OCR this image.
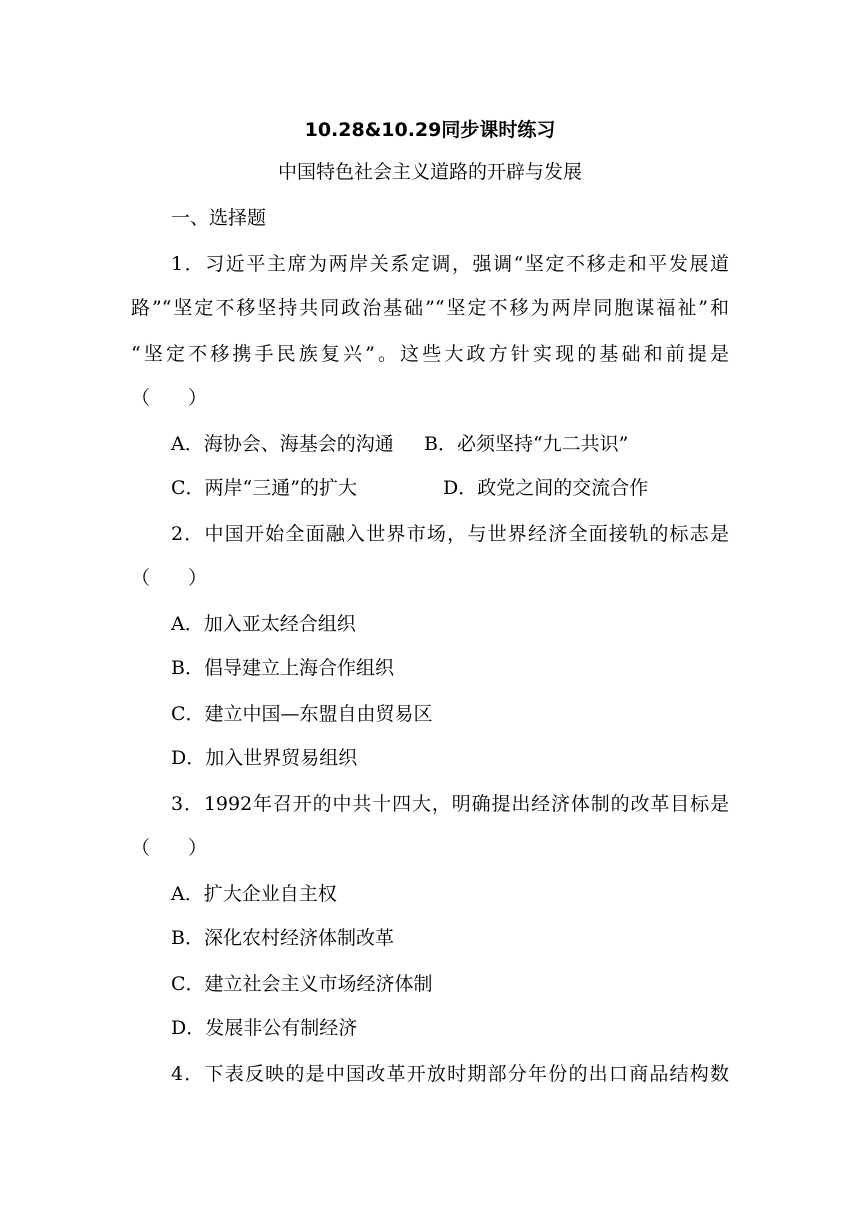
10.28&10.29同步课时练习
中国特色社会主义道路的开辟与发展
一、选择题
1．习近平主席为两岸关系定调，强调“坚定不移走和平发展道
路”“坚定不移坚持共同政治基础”“坚定不移为两岸同胞谋福祉”和
“坚定不移携手民族复兴”。这些大政方针实现的基础和前提是
（　　）
A．海协会、海基会的沟通 B．必须坚持“九二共识”
C．两岸“三通”的扩大	D．政党之间的交流合作
2．中国开始全面融入世界市场，与世界经济全面接轨的标志是
（　　）
A．加入亚太经合组织
B．倡导建立上海合作组织
C．建立中国—东盟自由贸易区
D．加入世界贸易组织
3．1992年召开的中共十四大，明确提出经济体制的改革目标是
（　　）
A．扩大企业自主权
B．深化农村经济体制改革
C．建立社会主义市场经济体制
D．发展非公有制经济
4．下表反映的是中国改革开放时期部分年份的出口商品结构数
